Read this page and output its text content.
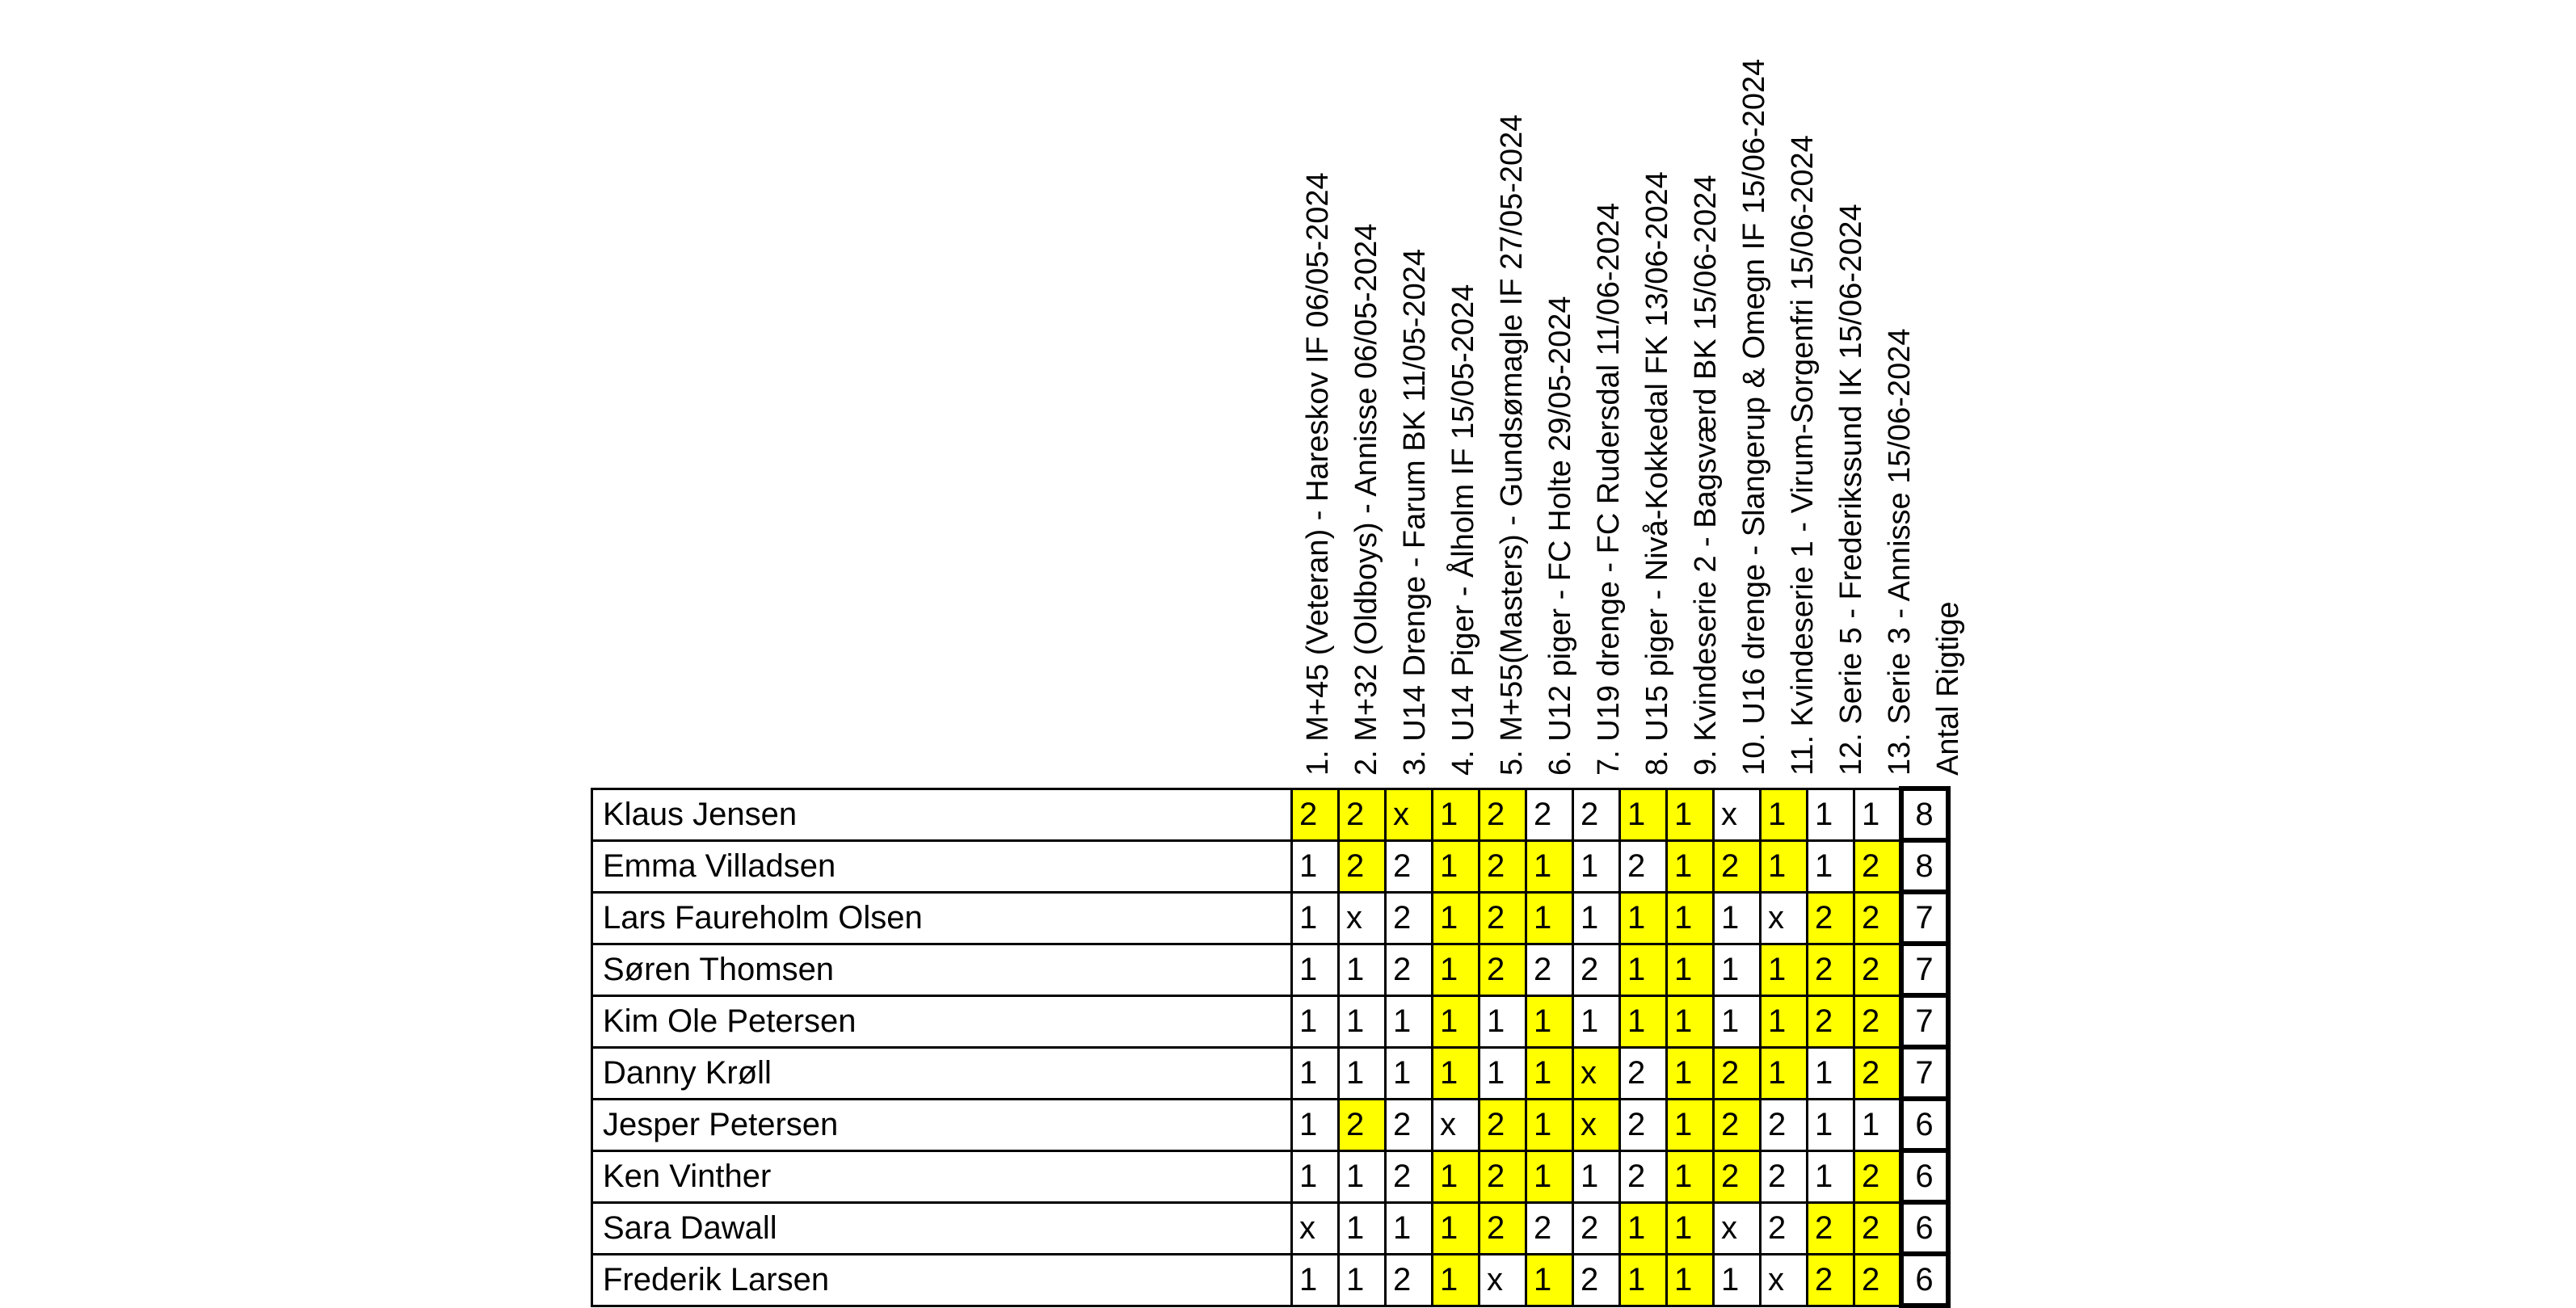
1. M+45 (Veteran) - Hareskov IF 06/05-2024 2. M+32 (Oldboys) - Annisse 06/05-2024 3. U14 Drenge - Farum BK 11/05-2024 4. U14 Piger - Ålholm IF 15/05-2024 5. M+55(Masters) - Gundsømagle IF 27/05-2024 6. U12 piger - FC Holte 29/05-2024 7. U19 drenge - FC Rudersdal 11/06-2024 8. U15 piger - Nivå-Kokkedal FK 13/06-2024 9. Kvindeserie 2 - Bagsværd BK 15/06-2024 10. U16 drenge - Slangerup & Omegn IF 15/06-2024 11. Kvindeserie 1 - Virum-Sorgenfri 15/06-2024 12. Serie 5 - Frederikssund IK 15/06-2024 13. Serie 3 - Annisse 15/06-2024 Antal Rigtige
Klaus Jensen	2	2	x	1	2	2	2	1	1	x	1	1	1	8
Emma Villadsen	1	2	2	1	2	1	1	2	1	2	1	1	2	8
Lars Faureholm Olsen	1	x	2	1	2	1	1	1	1	1	x	2	2	7
Søren Thomsen	1	1	2	1	2	2	2	1	1	1	1	2	2	7
Kim Ole Petersen	1	1	1	1	1	1	1	1	1	1	1	2	2	7
Danny Krøll	1	1	1	1	1	1	x	2	1	2	1	1	2	7
Jesper Petersen	1	2	2	x	2	1	x	2	1	2	2	1	1	6
Ken Vinther	1	1	2	1	2	1	1	2	1	2	2	1	2	6
Sara Dawall	x	1	1	1	2	2	2	1	1	x	2	2	2	6
Frederik Larsen	1	1	2	1	x	1	2	1	1	1	x	2	2	6
